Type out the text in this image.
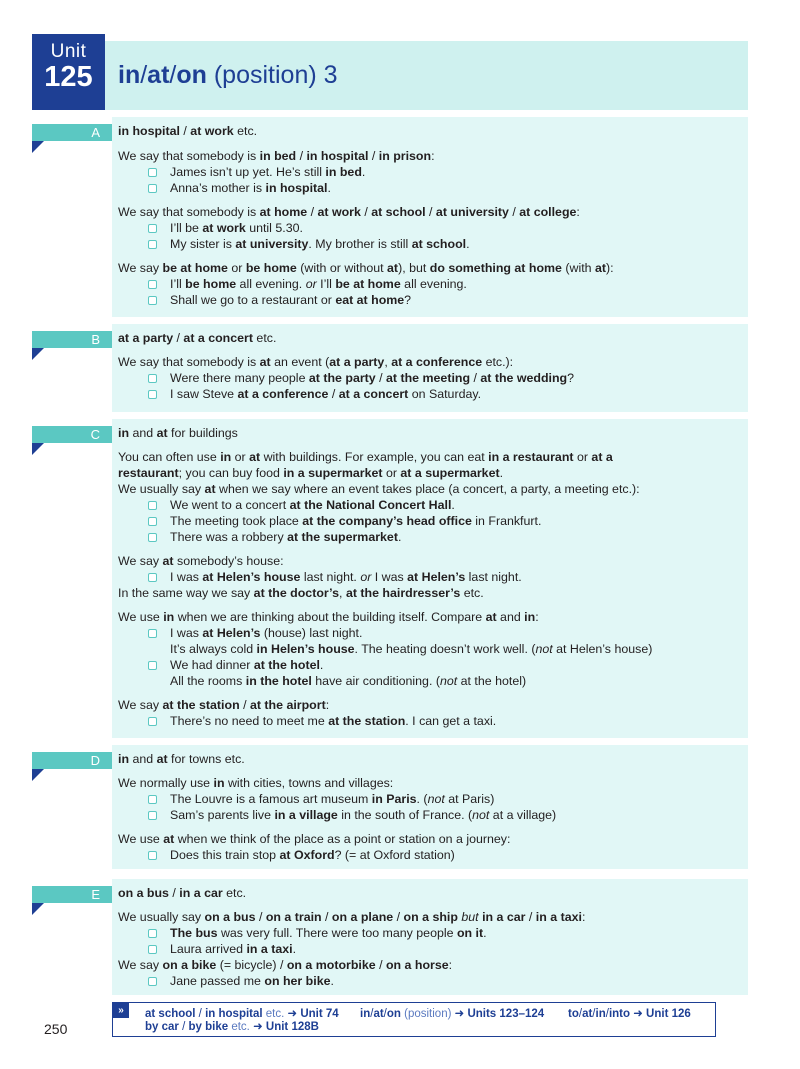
Unit
125	in/at/on (position) 3
A	in hospital / at work etc.
We say that somebody is in bed / in hospital / in prison:
James isn’t up yet. He’s still in bed.
Anna’s mother is in hospital.
We say that somebody is at home / at work / at school / at university / at college:
I’ll be at work until 5.30.
My sister is at university. My brother is still at school.
We say be at home or be home (with or without at), but do something at home (with at):
I’ll be home all evening. or I’ll be at home all evening.
Shall we go to a restaurant or eat at home?
B	at a party / at a concert etc.
We say that somebody is at an event (at a party, at a conference etc.):
Were there many people at the party / at the meeting / at the wedding?
I saw Steve at a conference / at a concert on Saturday.
C	in and at for buildings
You can often use in or at with buildings. For example, you can eat in a restaurant or at a
restaurant; you can buy food in a supermarket or at a supermarket.
We usually say at when we say where an event takes place (a concert, a party, a meeting etc.):
We went to a concert at the National Concert Hall.
The meeting took place at the company’s head office in Frankfurt.
There was a robbery at the supermarket.
We say at somebody’s house:
I was at Helen’s house last night. or I was at Helen’s last night.
In the same way we say at the doctor’s, at the hairdresser’s etc.
We use in when we are thinking about the building itself. Compare at and in:
I was at Helen’s (house) last night.
It’s always cold in Helen’s house. The heating doesn’t work well. (not at Helen’s house)
We had dinner at the hotel.
All the rooms in the hotel have air conditioning. (not at the hotel)
We say at the station / at the airport:
There’s no need to meet me at the station. I can get a taxi.
D	in and at for towns etc.
We normally use in with cities, towns and villages:
The Louvre is a famous art museum in Paris. (not at Paris)
Sam’s parents live in a village in the south of France. (not at a village)
We use at when we think of the place as a point or station on a journey:
Does this train stop at Oxford? (= at Oxford station)
E	on a bus / in a car etc.
We usually say on a bus / on a train / on a plane / on a ship but in a car / in a taxi:
The bus was very full. There were too many people on it.
Laura arrived in a taxi.
We say on a bike (= bicycle) / on a motorbike / on a horse:
Jane passed me on her bike.
»	at school / in hospital etc. ➜ Unit 74 in/at/on (position) ➜ Units 123–124 to/at/in/into ➜ Unit 126
by car / by bike etc. ➜ Unit 128B
250
